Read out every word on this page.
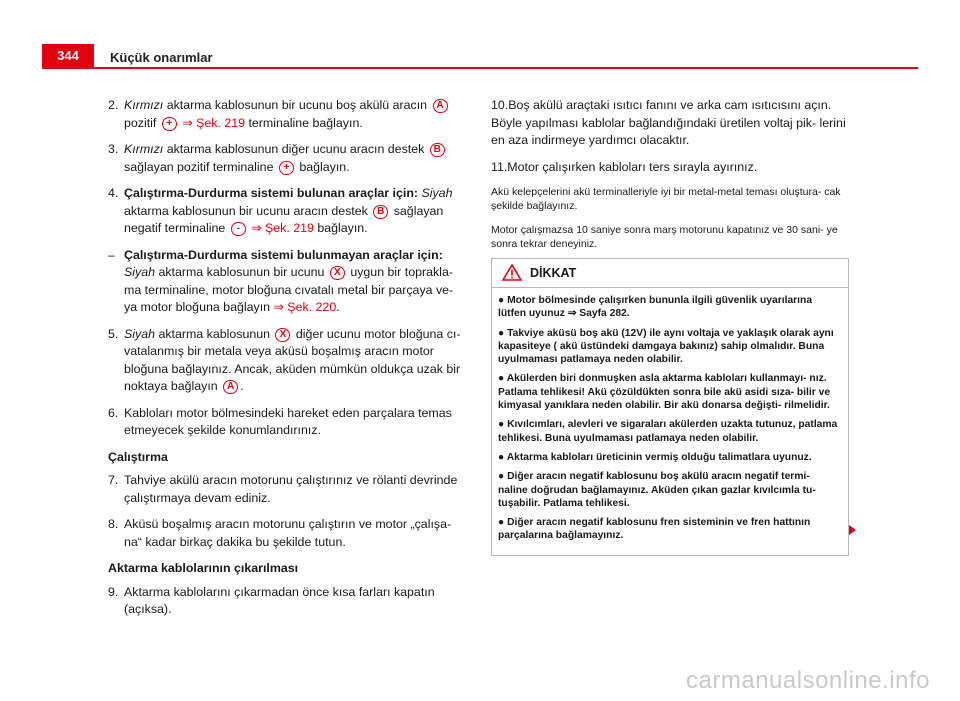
344	Küçük onarımlar
2. Kırmızı aktarma kablosunun bir ucunu boş akülü aracın A pozitif + ⇒ Şek. 219 terminaline bağlayın.
3. Kırmızı aktarma kablosunun diğer ucunu aracın destek B sağlayan pozitif terminaline + bağlayın.
4. Çalıştırma-Durdurma sistemi bulunan araçlar için: Siyah aktarma kablosunun bir ucunu aracın destek B sağlayan negatif terminaline - ⇒ Şek. 219 bağlayın.
– Çalıştırma-Durdurma sistemi bulunmayan araçlar için:
Siyah aktarma kablosunun bir ucunu X uygun bir toprakla- ma terminaline, motor bloğuna cıvatalı metal bir parçaya ve- ya motor bloğuna bağlayın ⇒ Şek. 220.
5. Siyah aktarma kablosunun X diğer ucunu motor bloğuna cı- vatalanmış bir metala veya aküsü boşalmış aracın motor bloğuna bağlayınız. Ancak, aküden mümkün oldukça uzak bir noktaya bağlayın A .
6. Kabloları motor bölmesindeki hareket eden parçalara temas etmeyecek şekilde konumlandırınız.
Çalıştırma
7. Tahviye akülü aracın motorunu çalıştırınız ve rölanti devrinde çalıştırmaya devam ediniz.
8. Aküsü boşalmış aracın motorunu çalıştırın ve motor „çalışa- na“ kadar birkaç dakika bu şekilde tutun.
Aktarma kablolarının çıkarılması
9. Aktarma kablolarını çıkarmadan önce kısa farları kapatın (açıksa).
10.Boş akülü araçtaki ısıtıcı fanını ve arka cam ısıtıcısını açın. Böyle yapılması kablolar bağlandığındaki üretilen voltaj pik- lerini en aza indirmeye yardımcı olacaktır.
11.Motor çalışırken kabloları ters sırayla ayırınız.
Akü kelepçelerini akü terminalleriyle iyi bir metal-metal teması oluştura- cak şekilde bağlayınız.
Motor çalışmazsa 10 saniye sonra marş motorunu kapatınız ve 30 sani- ye sonra tekrar deneyiniz.
DİKKAT

● Motor bölmesinde çalışırken bununla ilgili güvenlik uyarılarına lütfen uyunuz ⇒ Sayfa 282.

● Takviye aküsü boş akü (12V) ile aynı voltaja ve yaklaşık olarak aynı kapasiteye ( akü üstündeki damgaya bakınız) sahip olmalıdır. Buna uyulmaması patlamaya neden olabilir.

● Akülerden biri donmuşken asla aktarma kabloları kullanmayı- nız. Patlama tehlikesi! Akü çözüldükten sonra bile akü asidi sıza- bilir ve kimyasal yanıklara neden olabilir. Bir akü donarsa değişti- rilmelidir.

● Kıvılcımları, alevleri ve sigaraları akülerden uzakta tutunuz, patlama tehlikesi. Buna uyulmaması patlamaya neden olabilir.

● Aktarma kabloları üreticinin vermiş olduğu talimatlara uyunuz.

● Diğer aracın negatif kablosunu boş akülü aracın negatif termi- naline doğrudan bağlamayınız. Aküden çıkan gazlar kıvılcımla tu- tuşabilir. Patlama tehlikesi.

● Diğer aracın negatif kablosunu fren sisteminin ve fren hattının parçalarına bağlamayınız.

carmanualsonline.info
